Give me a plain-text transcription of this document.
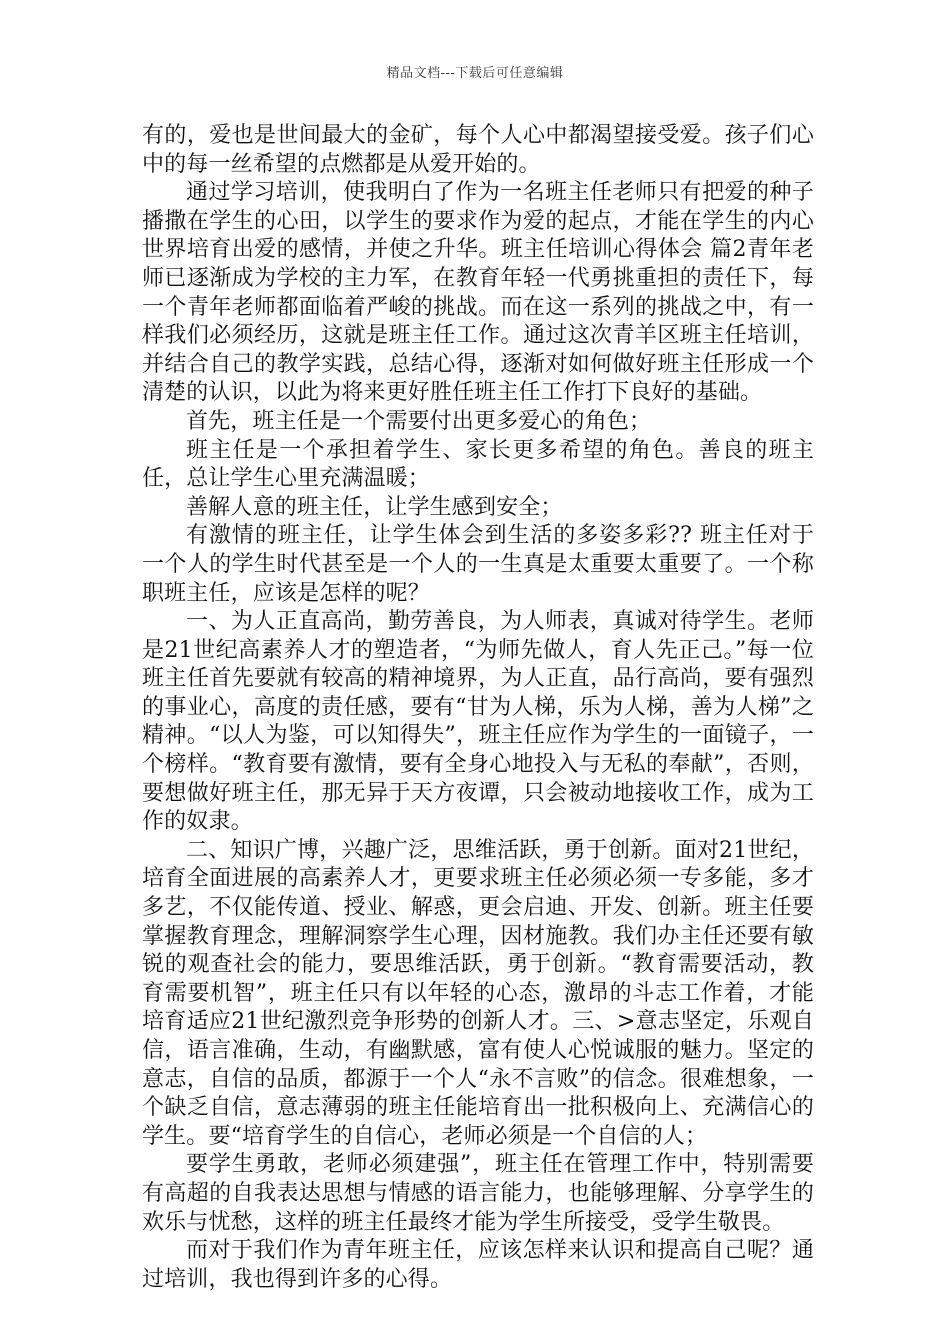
精品文档---下载后可任意编辑

有的，爱也是世间最大的金矿，每个人心中都渴望接受爱。孩子们心中的每一丝希望的点燃都是从爱开始的。

通过学习培训，使我明白了作为一名班主任老师只有把爱的种子播撒在学生的心田，以学生的要求作为爱的起点，才能在学生的内心世界培育出爱的感情，并使之升华。班主任培训心得体会 篇2青年老师已逐渐成为学校的主力军，在教育年轻一代勇挑重担的责任下，每一个青年老师都面临着严峻的挑战。而在这一系列的挑战之中，有一样我们必须经历，这就是班主任工作。通过这次青羊区班主任培训，并结合自己的教学实践，总结心得，逐渐对如何做好班主任形成一个清楚的认识，以此为将来更好胜任班主任工作打下良好的基础。

首先，班主任是一个需要付出更多爱心的角色；

班主任是一个承担着学生、家长更多希望的角色。善良的班主任，总让学生心里充满温暖；

善解人意的班主任，让学生感到安全；

有激情的班主任，让学生体会到生活的多姿多彩?? 班主任对于一个人的学生时代甚至是一个人的一生真是太重要太重要了。一个称职班主任，应该是怎样的呢？

一、为人正直高尚，勤劳善良，为人师表，真诚对待学生。老师是21世纪高素养人才的塑造者，“为师先做人，育人先正己。”每一位班主任首先要就有较高的精神境界，为人正直，品行高尚，要有强烈的事业心，高度的责任感，要有“甘为人梯，乐为人梯，善为人梯”之精神。“以人为鉴，可以知得失”，班主任应作为学生的一面镜子，一个榜样。“教育要有激情，要有全身心地投入与无私的奉献”，否则，要想做好班主任，那无异于天方夜谭，只会被动地接收工作，成为工作的奴隶。

二、知识广博，兴趣广泛，思维活跃，勇于创新。面对21世纪，培育全面进展的高素养人才，更要求班主任必须必须一专多能，多才多艺，不仅能传道、授业、解惑，更会启迪、开发、创新。班主任要掌握教育理念，理解洞察学生心理，因材施教。我们办主任还要有敏锐的观查社会的能力，要思维活跃，勇于创新。“教育需要活动，教育需要机智”，班主任只有以年轻的心态，激昂的斗志工作着，才能培育适应21世纪激烈竞争形势的创新人才。三、>意志坚定，乐观自信，语言准确，生动，有幽默感，富有使人心悦诚服的魅力。坚定的意志，自信的品质，都源于一个人“永不言败”的信念。很难想象，一个缺乏自信，意志薄弱的班主任能培育出一批积极向上、充满信心的学生。要“培育学生的自信心，老师必须是一个自信的人；

要学生勇敢，老师必须建强”，班主任在管理工作中，特别需要有高超的自我表达思想与情感的语言能力，也能够理解、分享学生的欢乐与忧愁，这样的班主任最终才能为学生所接受，受学生敬畏。

而对于我们作为青年班主任，应该怎样来认识和提高自己呢？通过培训，我也得到许多的心得。
